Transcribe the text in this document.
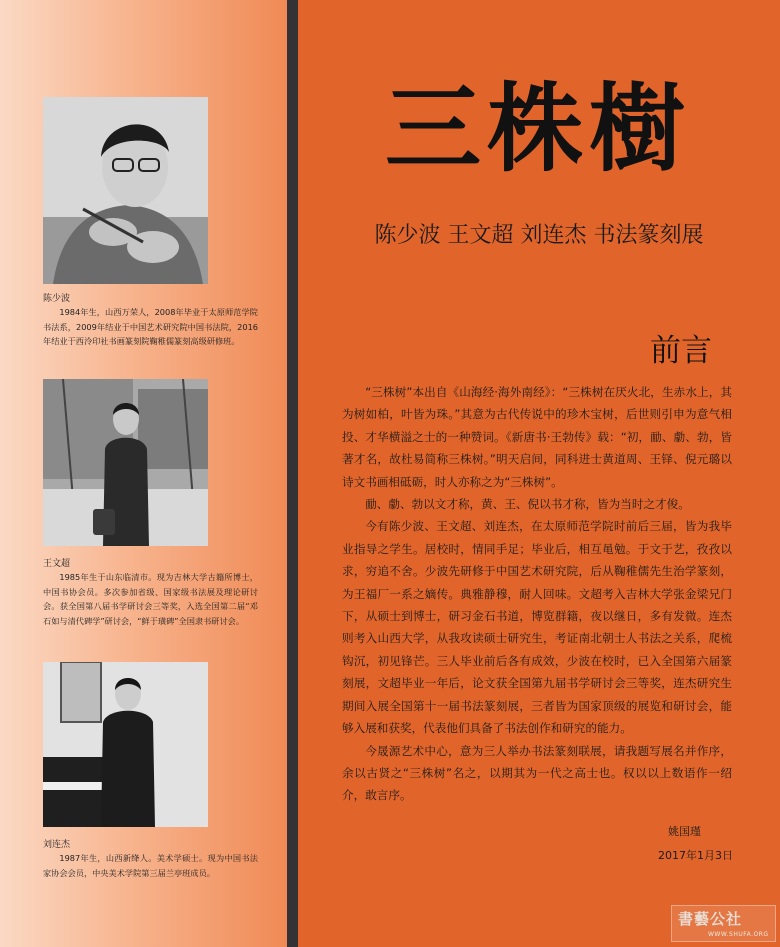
陈少波
1984年生，山西万荣人，2008年毕业于太原师范学院书法系，2009年结业于中国艺术研究院中国书法院，2016年结业于西泠印社书画篆刻院鞠稚儒篆刻高级研修班。
王文超
1985年生于山东临清市。现为吉林大学古籍所博士，中国书协会员。多次参加省级、国家级书法展及理论研讨会。获全国第八届书学研讨会三等奖，入选全国第二届“邓石如与清代碑学”研讨会，“鲜于璜碑”全国隶书研讨会。
刘连杰
1987年生，山西新绛人。美术学硕士。现为中国书法家协会会员，中央美术学院第三届兰亭班成员。
三株樹
陈少波 王文超 刘连杰 书法篆刻展
前言

“三株树”本出自《山海经·海外南经》：“三株树在厌火北，生赤水上，其为树如柏，叶皆为珠。”其意为古代传说中的珍木宝树，后世则引申为意气相投、才华横溢之士的一种赞词。《新唐书·王勃传》载：“初，勔、勮、勃，皆著才名，故杜易简称三株树。”明天启间，同科进士黄道周、王铎、倪元璐以诗文书画相砥砺，时人亦称之为“三株树”。

勔、勮、勃以文才称，黄、王、倪以书才称，皆为当时之才俊。

今有陈少波、王文超、刘连杰，在太原师范学院时前后三届，皆为我毕业指导之学生。居校时，情同手足；毕业后，相互黾勉。于文于艺，孜孜以求，穷追不舍。少波先研修于中国艺术研究院，后从鞠稚儒先生治学篆刻，为王福厂一系之嫡传。典雅静穆，耐人回味。文超考入吉林大学张金梁兄门下，从硕士到博士，研习金石书道，博览群籍，夜以继日，多有发微。连杰则考入山西大学，从我攻读硕士研究生，考证南北朝士人书法之关系，爬梳钩沉，初见锋芒。三人毕业前后各有成效，少波在校时，已入全国第六届篆刻展，文超毕业一年后，论文获全国第九届书学研讨会三等奖，连杰研究生期间入展全国第十一届书法篆刻展，三者皆为国家顶级的展览和研讨会，能够入展和获奖，代表他们具备了书法创作和研究的能力。

今晟源艺术中心，意为三人举办书法篆刻联展，请我题写展名并作序，余以古贤之“三株树”名之，以期其为一代之高士也。权以以上数语作一绍介，敢言序。

姚国瑾
2017年1月3日
書藝公社
WWW.SHUFA.ORG
